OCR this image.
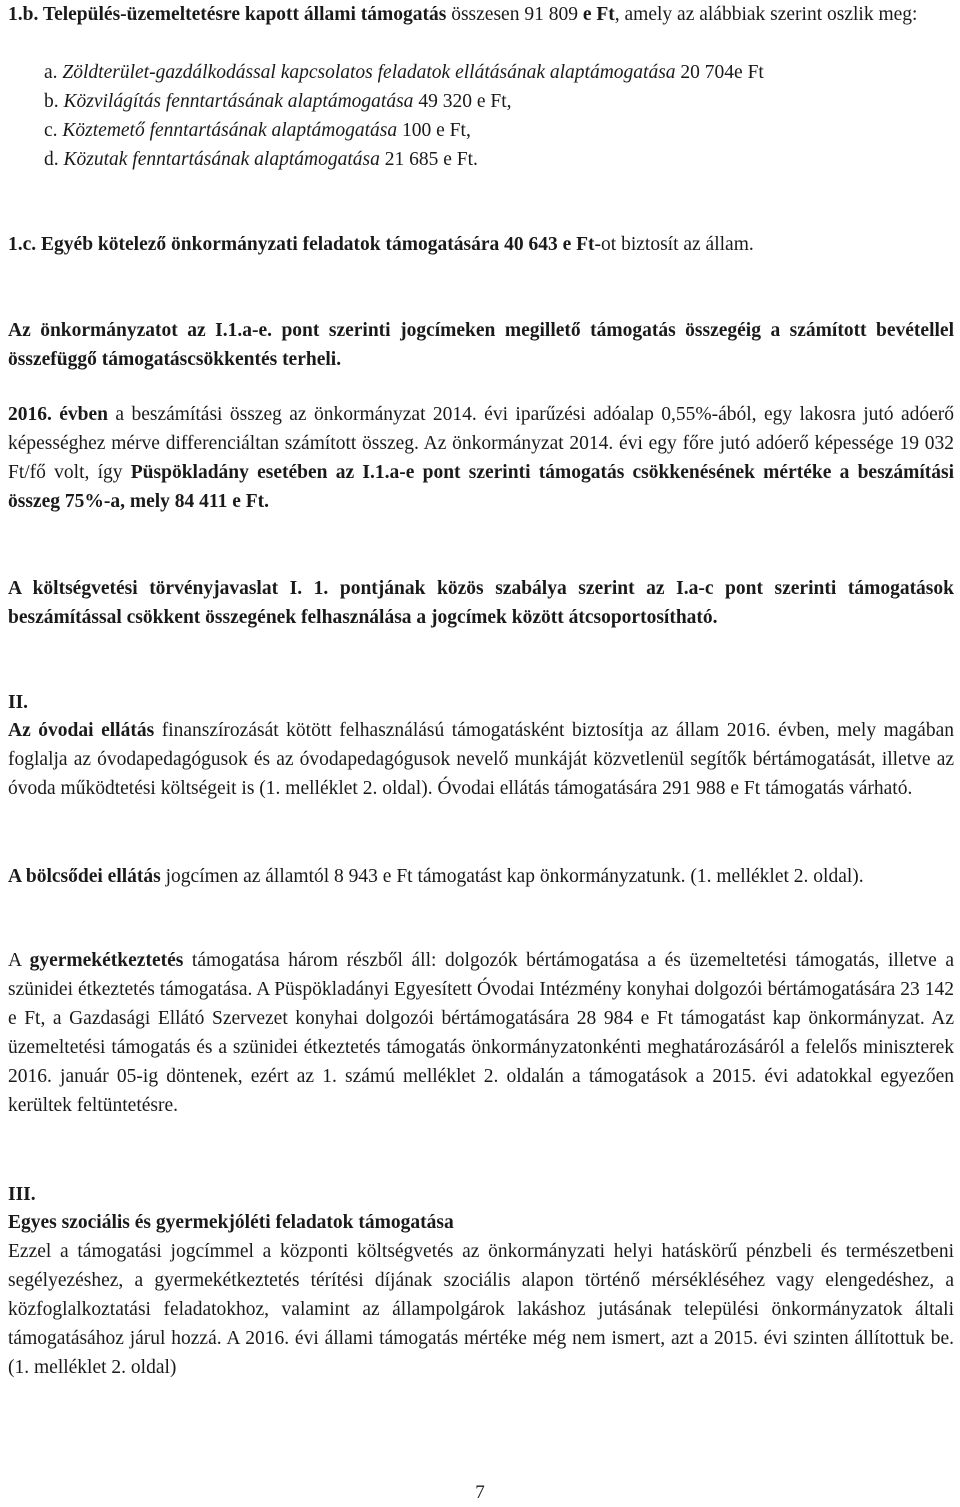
1.b. Település-üzemeltetésre kapott állami támogatás összesen 91 809 e Ft, amely az alábbiak szerint oszlik meg:

a. Zöldterület-gazdálkodással kapcsolatos feladatok ellátásának alaptámogatása 20 704e Ft
b. Közvilágítás fenntartásának alaptámogatása 49 320 e Ft,
c. Köztemető fenntartásának alaptámogatása 100 e Ft,
d. Közutak fenntartásának alaptámogatása 21 685 e Ft.

1.c. Egyéb kötelező önkormányzati feladatok támogatására 40 643 e Ft-ot biztosít az állam.

Az önkormányzatot az I.1.a-e. pont szerinti jogcímeken megillető támogatás összegéig a számított bevétellel összefüggő támogatáscsökkentés terheli.

2016. évben a beszámítási összeg az önkormányzat 2014. évi iparűzési adóalap 0,55%-ából, egy lakosra jutó adóerő képességhez mérve differenciáltan számított összeg. Az önkormányzat 2014. évi egy főre jutó adóerő képessége 19 032 Ft/fő volt, így Püspökladány esetében az I.1.a-e pont szerinti támogatás csökkenésének mértéke a beszámítási összeg 75%-a, mely 84 411 e Ft.

A költségvetési törvényjavaslat I. 1. pontjának közös szabálya szerint az I.a-c pont szerinti támogatások beszámítással csökkent összegének felhasználása a jogcímek között átcsoportosítható.

II.

Az óvodai ellátás finanszírozását kötött felhasználású támogatásként biztosítja az állam 2016. évben, mely magában foglalja az óvodapedagógusok és az óvodapedagógusok nevelő munkáját közvetlenül segítők bértámogatását, illetve az óvoda működtetési költségeit is (1. melléklet 2. oldal). Óvodai ellátás támogatására 291 988 e Ft támogatás várható.

A bölcsődei ellátás jogcímen az államtól 8 943 e Ft támogatást kap önkormányzatunk. (1. melléklet 2. oldal).

A gyermekétkeztetés támogatása három részből áll: dolgozók bértámogatása a és üzemeltetési támogatás, illetve a szünidei étkeztetés támogatása. A Püspökladányi Egyesített Óvodai Intézmény konyhai dolgozói bértámogatására 23 142 e Ft, a Gazdasági Ellátó Szervezet konyhai dolgozói bértámogatására 28 984 e Ft támogatást kap önkormányzat. Az üzemeltetési támogatás és a szünidei étkeztetés támogatás önkormányzatonkénti meghatározásáról a felelős miniszterek 2016. január 05-ig döntenek, ezért az 1. számú melléklet 2. oldalán a támogatások a 2015. évi adatokkal egyezően kerültek feltüntetésre.

III.

Egyes szociális és gyermekjóléti feladatok támogatása

Ezzel a támogatási jogcímmel a központi költségvetés az önkormányzati helyi hatáskörű pénzbeli és természetbeni segélyezéshez, a gyermekétkeztetés térítési díjának szociális alapon történő mérsékléséhez vagy elengedéshez, a közfoglalkoztatási feladatokhoz, valamint az állampolgárok lakáshoz jutásának települési önkormányzatok általi támogatásához járul hozzá. A 2016. évi állami támogatás mértéke még nem ismert, azt a 2015. évi szinten állítottuk be. (1. melléklet 2. oldal)

7
